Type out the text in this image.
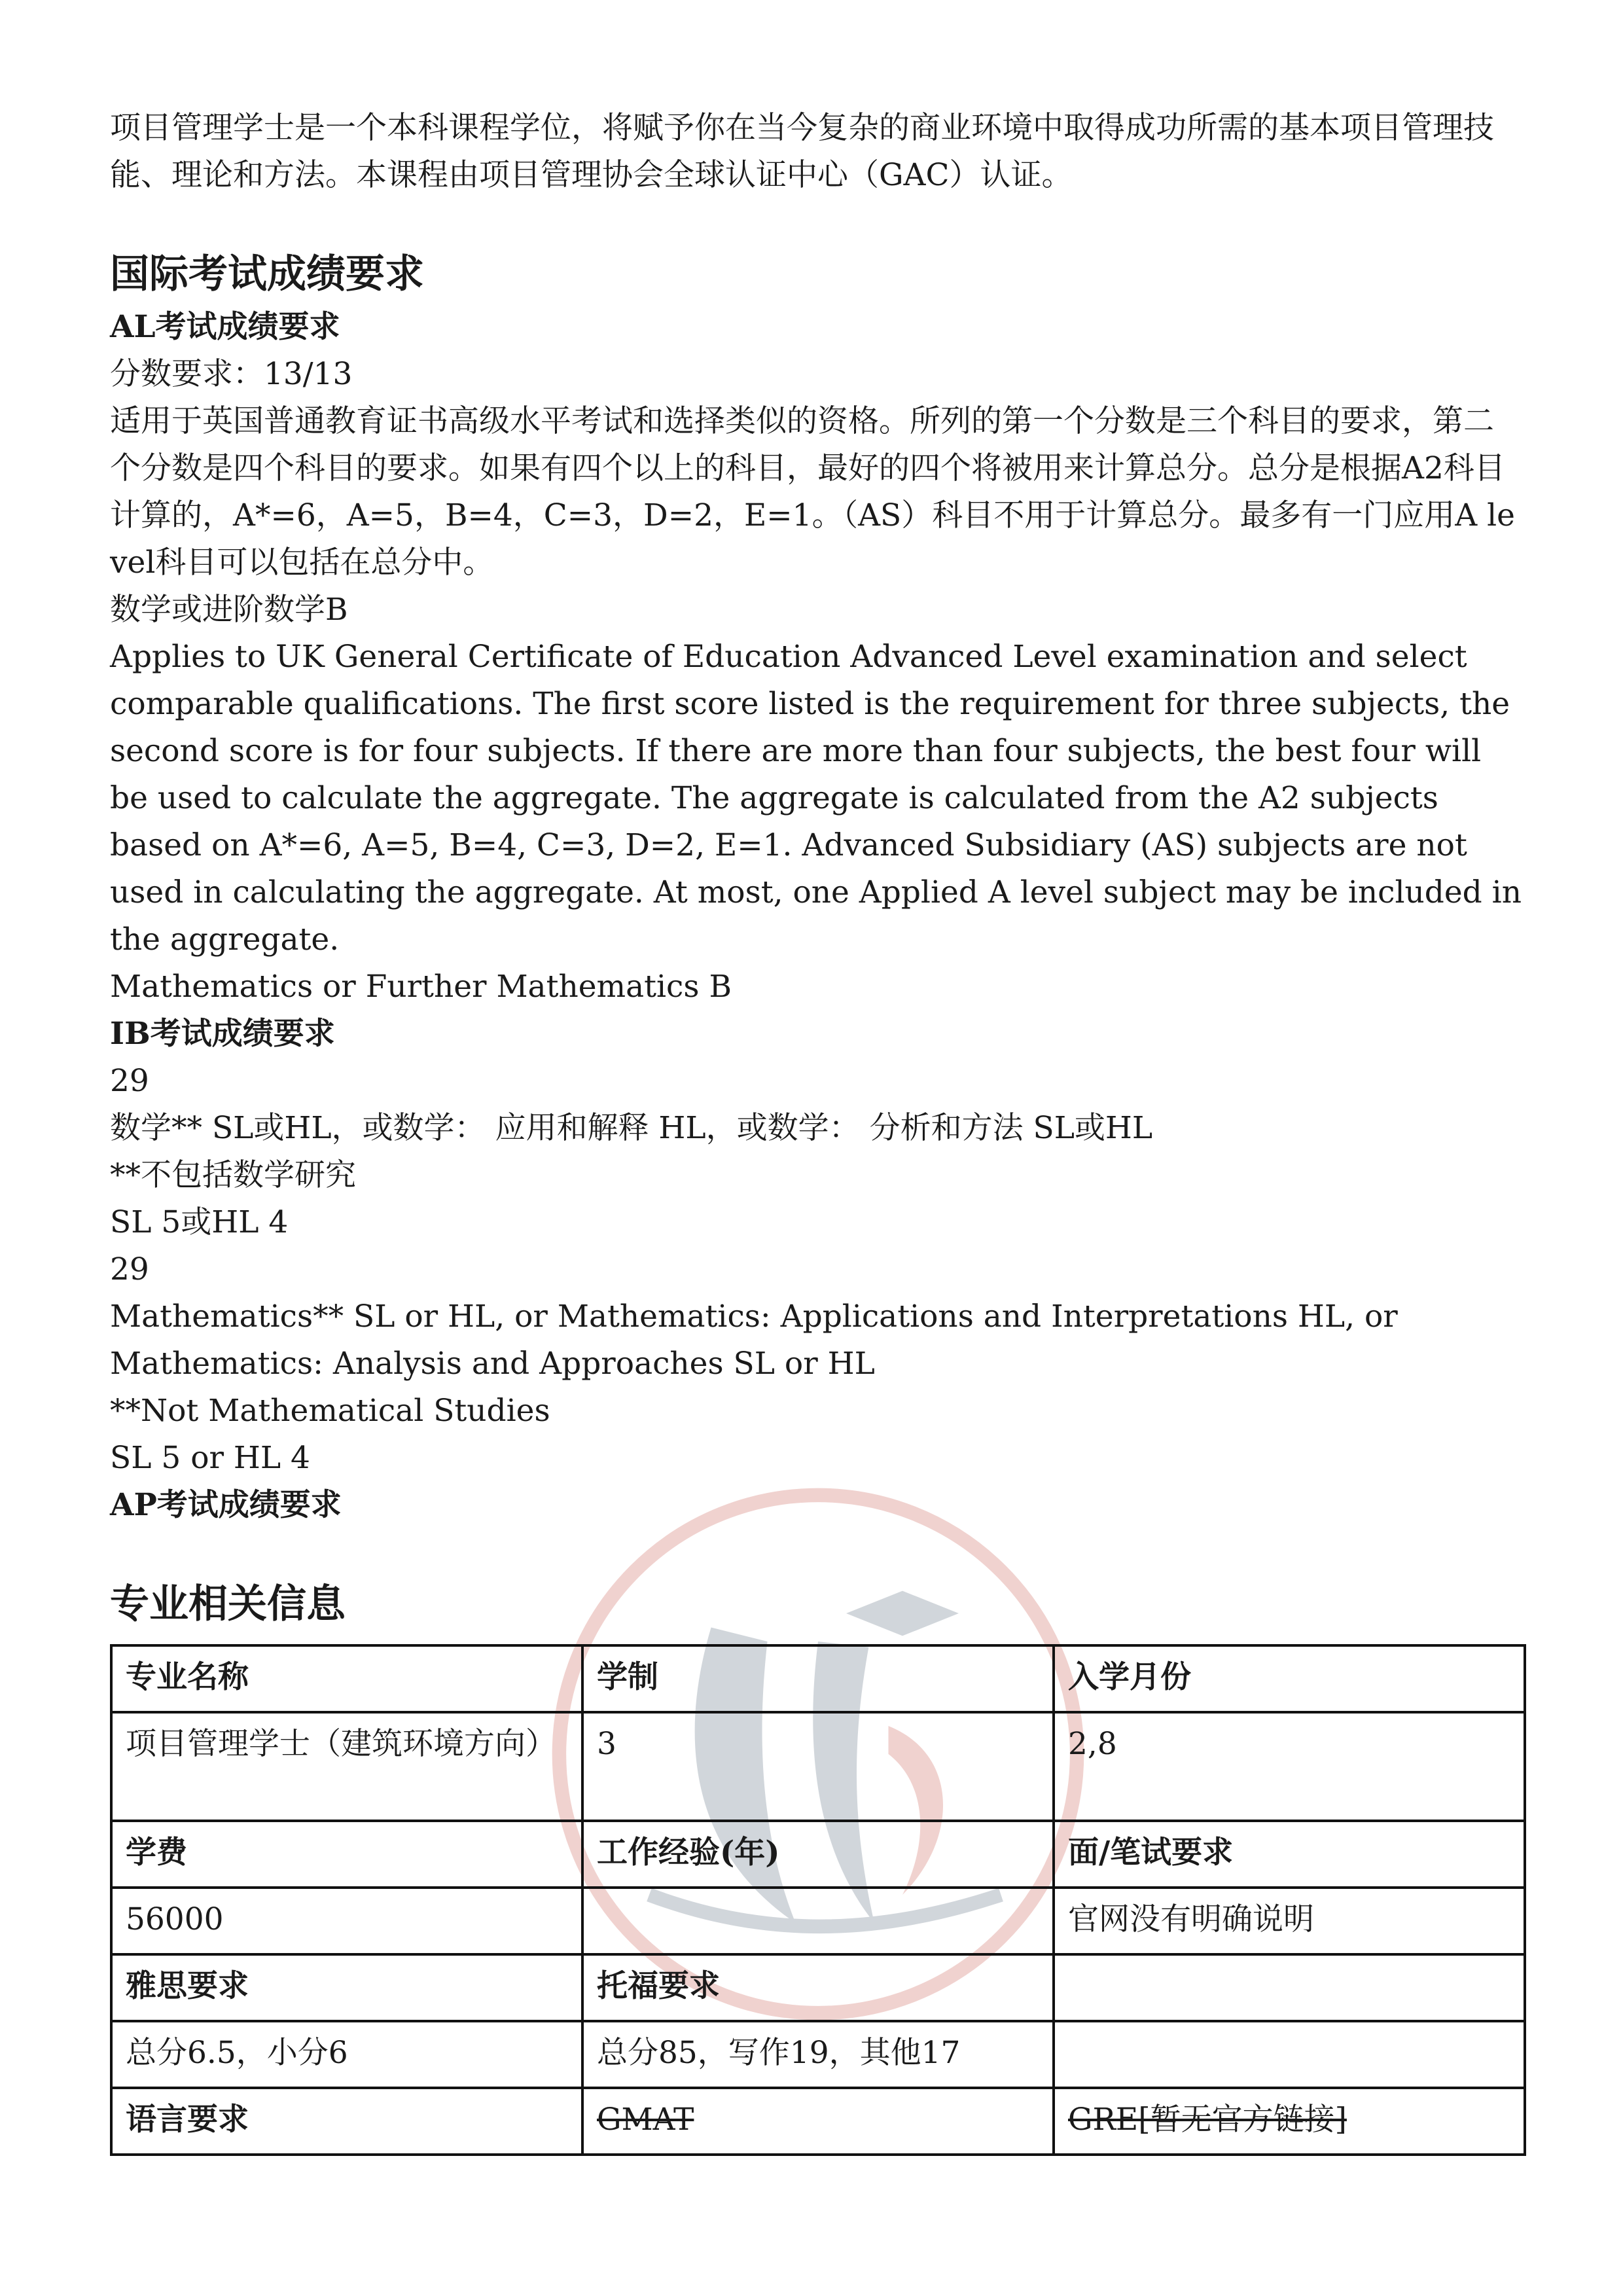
项目管理学士是一个本科课程学位，将赋予你在当今复杂的商业环境中取得成功所需的基本项目管理技能、理论和方法。本课程由项目管理协会全球认证中心（GAC）认证。

国际考试成绩要求
AL考试成绩要求

分数要求：13/13

适用于英国普通教育证书高级水平考试和选择类似的资格。所列的第一个分数是三个科目的要求，第二个分数是四个科目的要求。如果有四个以上的科目，最好的四个将被用来计算总分。总分是根据A2科目计算的，A*=6，A=5，B=4，C=3，D=2，E=1。（AS）科目不用于计算总分。最多有一门应用A level科目可以包括在总分中。

数学或进阶数学B

Applies to UK General Certificate of Education Advanced Level examination and select comparable qualifications. The first score listed is the requirement for three subjects, the second score is for four subjects. If there are more than four subjects, the best four will be used to calculate the aggregate. The aggregate is calculated from the A2 subjects based on A*=6, A=5, B=4, C=3, D=2, E=1. Advanced Subsidiary (AS) subjects are not used in calculating the aggregate. At most, one Applied A level subject may be included in the aggregate.

Mathematics or Further Mathematics B

IB考试成绩要求

29

数学** SL或HL，或数学： 应用和解释 HL，或数学： 分析和方法 SL或HL

**不包括数学研究

SL 5或HL 4

29

Mathematics** SL or HL, or Mathematics: Applications and Interpretations HL, or Mathematics: Analysis and Approaches SL or HL

**Not Mathematical Studies

SL 5 or HL 4

AP考试成绩要求
专业相关信息
专业名称	学制	入学月份
项目管理学士（建筑环境方向）	3	2,8
学费	工作经验(年)	面/笔试要求
56000		官网没有明确说明
雅思要求	托福要求	
总分6.5，小分6	总分85，写作19，其他17	
语言要求	GMAT	GRE[暂无官方链接]
